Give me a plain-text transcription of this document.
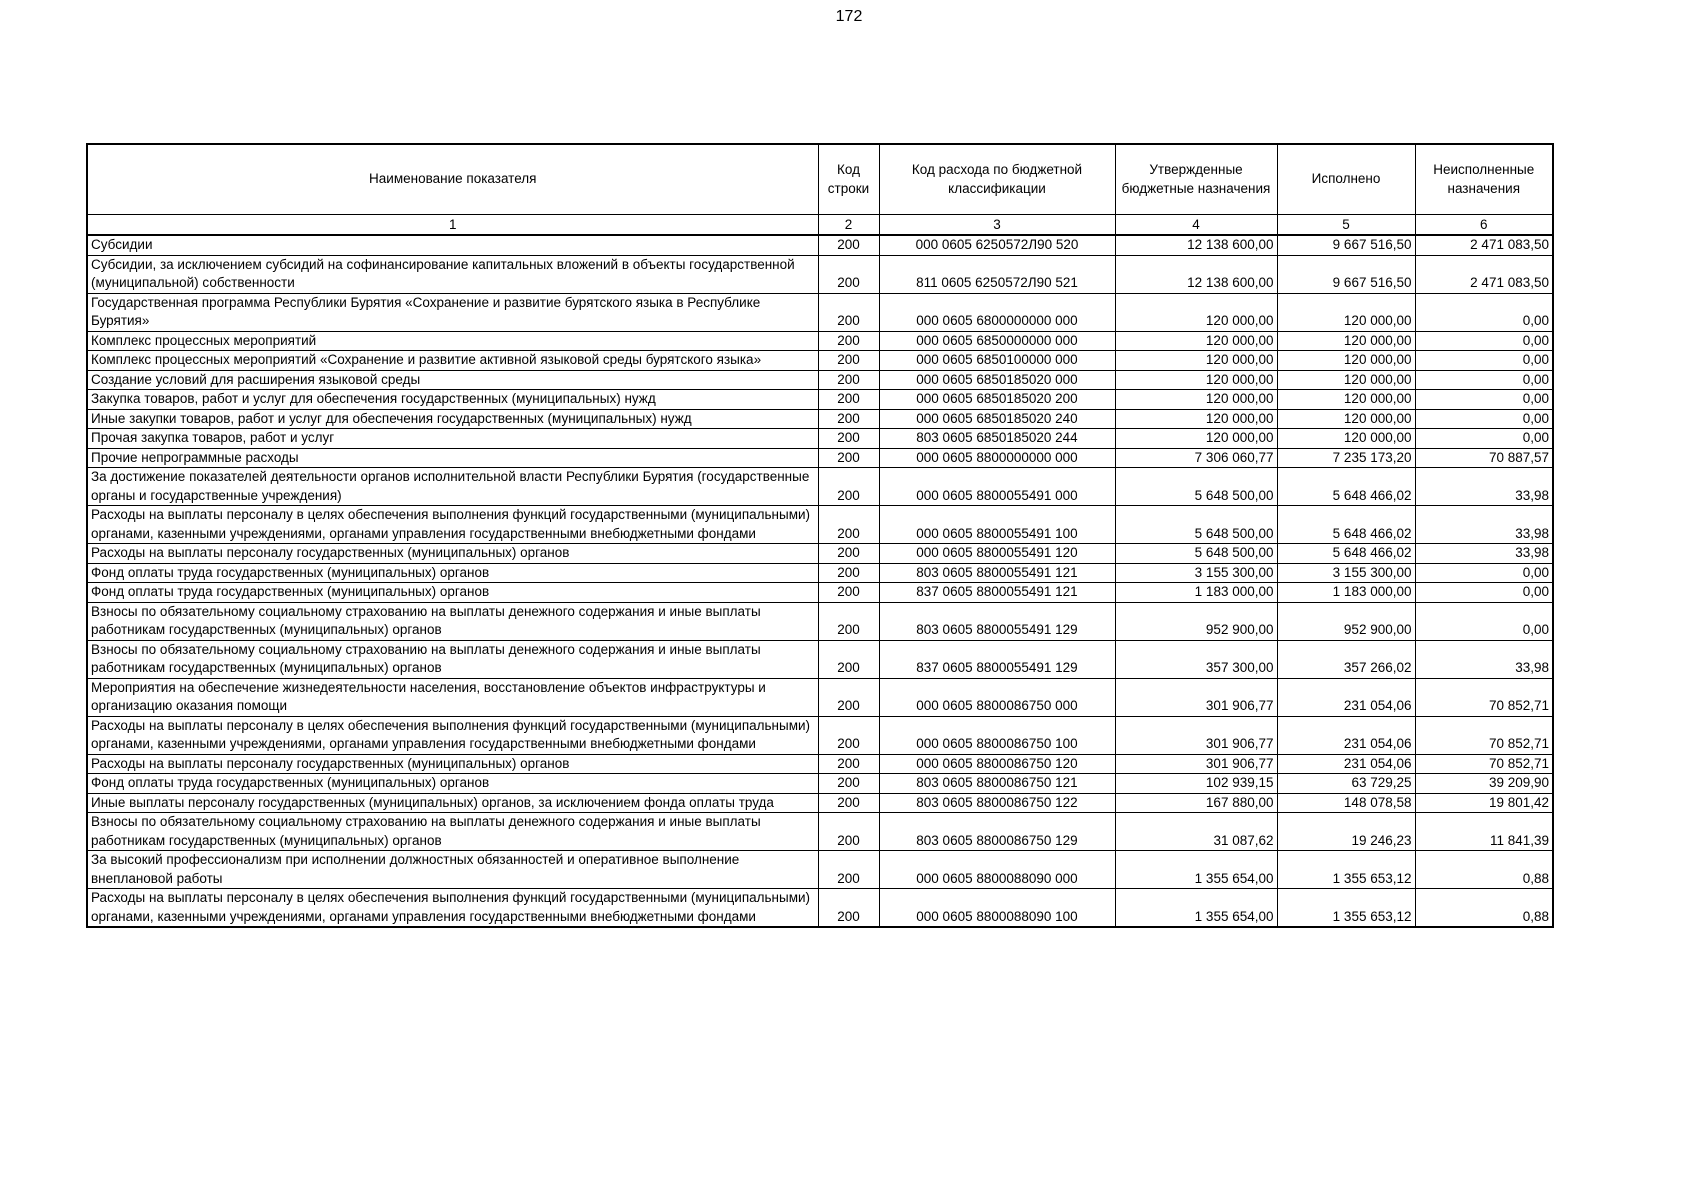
172
Наименование показателя	Код строки	Код расхода по бюджетной классификации	Утвержденные бюджетные назначения	Исполнено	Неисполненные назначения
1	2	3	4	5	6
Субсидии	200	000 0605 6250572Л90 520	12 138 600,00	9 667 516,50	2 471 083,50
Субсидии, за исключением субсидий на софинансирование капитальных вложений в объекты государственной (муниципальной) собственности	200	811 0605 6250572Л90 521	12 138 600,00	9 667 516,50	2 471 083,50
Государственная программа Республики Бурятия «Сохранение и развитие бурятского языка в Республике Бурятия»	200	000 0605 6800000000 000	120 000,00	120 000,00	0,00
Комплекс процессных мероприятий	200	000 0605 6850000000 000	120 000,00	120 000,00	0,00
Комплекс процессных мероприятий «Сохранение и развитие активной языковой среды бурятского языка»	200	000 0605 6850100000 000	120 000,00	120 000,00	0,00
Создание условий для расширения языковой среды	200	000 0605 6850185020 000	120 000,00	120 000,00	0,00
Закупка товаров, работ и услуг для обеспечения государственных (муниципальных) нужд	200	000 0605 6850185020 200	120 000,00	120 000,00	0,00
Иные закупки товаров, работ и услуг для обеспечения государственных (муниципальных) нужд	200	000 0605 6850185020 240	120 000,00	120 000,00	0,00
Прочая закупка товаров, работ и услуг	200	803 0605 6850185020 244	120 000,00	120 000,00	0,00
Прочие непрограммные расходы	200	000 0605 8800000000 000	7 306 060,77	7 235 173,20	70 887,57
За достижение показателей деятельности органов исполнительной власти Республики Бурятия (государственные органы и государственные учреждения)	200	000 0605 8800055491 000	5 648 500,00	5 648 466,02	33,98
Расходы на выплаты персоналу в целях обеспечения выполнения функций государственными (муниципальными) органами, казенными учреждениями, органами управления государственными внебюджетными фондами	200	000 0605 8800055491 100	5 648 500,00	5 648 466,02	33,98
Расходы на выплаты персоналу государственных (муниципальных) органов	200	000 0605 8800055491 120	5 648 500,00	5 648 466,02	33,98
Фонд оплаты труда государственных (муниципальных) органов	200	803 0605 8800055491 121	3 155 300,00	3 155 300,00	0,00
Фонд оплаты труда государственных (муниципальных) органов	200	837 0605 8800055491 121	1 183 000,00	1 183 000,00	0,00
Взносы по обязательному социальному страхованию на выплаты денежного содержания и иные выплаты работникам государственных (муниципальных) органов	200	803 0605 8800055491 129	952 900,00	952 900,00	0,00
Взносы по обязательному социальному страхованию на выплаты денежного содержания и иные выплаты работникам государственных (муниципальных) органов	200	837 0605 8800055491 129	357 300,00	357 266,02	33,98
Мероприятия на обеспечение жизнедеятельности населения, восстановление объектов инфраструктуры и организацию оказания помощи	200	000 0605 8800086750 000	301 906,77	231 054,06	70 852,71
Расходы на выплаты персоналу в целях обеспечения выполнения функций государственными (муниципальными) органами, казенными учреждениями, органами управления государственными внебюджетными фондами	200	000 0605 8800086750 100	301 906,77	231 054,06	70 852,71
Расходы на выплаты персоналу государственных (муниципальных) органов	200	000 0605 8800086750 120	301 906,77	231 054,06	70 852,71
Фонд оплаты труда государственных (муниципальных) органов	200	803 0605 8800086750 121	102 939,15	63 729,25	39 209,90
Иные выплаты персоналу государственных (муниципальных) органов, за исключением фонда оплаты труда	200	803 0605 8800086750 122	167 880,00	148 078,58	19 801,42
Взносы по обязательному социальному страхованию на выплаты денежного содержания и иные выплаты работникам государственных (муниципальных) органов	200	803 0605 8800086750 129	31 087,62	19 246,23	11 841,39
За высокий профессионализм при исполнении должностных обязанностей и оперативное выполнение внеплановой работы	200	000 0605 8800088090 000	1 355 654,00	1 355 653,12	0,88
Расходы на выплаты персоналу в целях обеспечения выполнения функций государственными (муниципальными) органами, казенными учреждениями, органами управления государственными внебюджетными фондами	200	000 0605 8800088090 100	1 355 654,00	1 355 653,12	0,88
